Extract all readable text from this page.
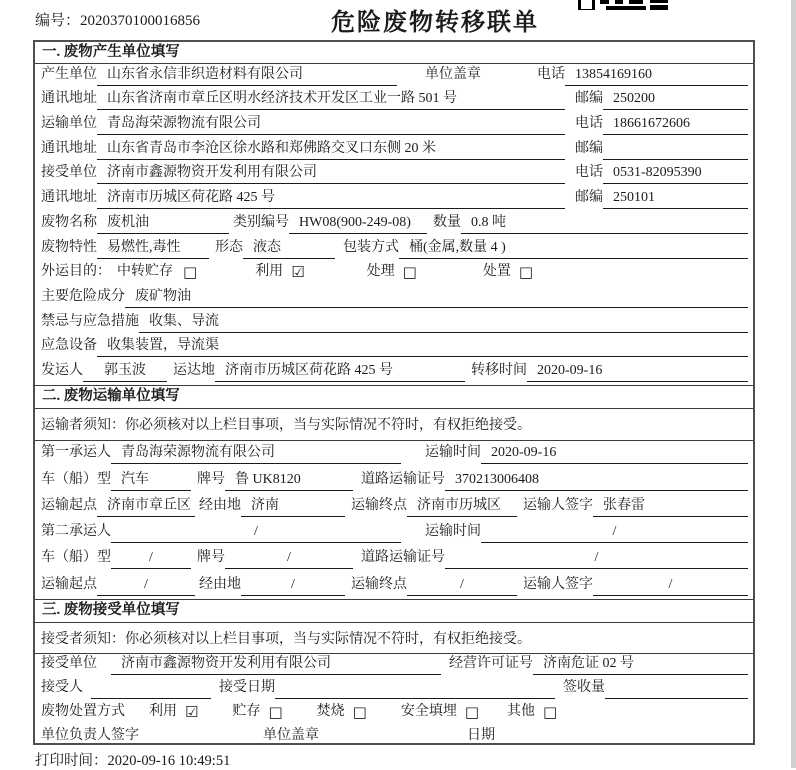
编号：2020370100016856	危险废物转移联单
一. 废物产生单位填写
产生单位 山东省永信非织造材料有限公司	单位盖章	电话 13854169160
通讯地址 山东省济南市章丘区明水经济技术开发区工业一路 501 号	邮编 250200
运输单位 青岛海荣源物流有限公司	电话 18661672606
通讯地址 山东省青岛市李沧区徐水路和郑佛路交叉口东侧 20 米	邮编
接受单位 济南市鑫源物资开发利用有限公司	电话 0531-82095390
通讯地址 济南市历城区荷花路 425 号	邮编 250101
废物名称 废机油	类别编号 HW08(900-249-08)	数量 0.8 吨
废物特性 易燃性,毒性	形态 液态	包装方式 桶(金属,数量 4 )
外运目的： 中转贮存 □	利用 ☑	处理 □	处置 □
主要危险成分 废矿物油
禁忌与应急措施 收集、导流
应急设备 收集装置，导流渠
发运人	郭玉波	运达地 济南市历城区荷花路 425 号	转移时间 2020-09-16
二. 废物运输单位填写
运输者须知：你必须核对以上栏目事项，当与实际情况不符时，有权拒绝接受。
第一承运人 青岛海荣源物流有限公司	运输时间 2020-09-16
车（船）型 汽车	牌号 鲁 UK8120	道路运输证号 370213006408
运输起点 济南市章丘区 经由地 济南	运输终点 济南市历城区	运输人签字 张春雷
第二承运人	/	运输时间	/
车（船）型	/	牌号	/	道路运输证号	/
运输起点	/	经由地	/	运输终点	/	运输人签字	/
三. 废物接受单位填写
接受者须知：你必须核对以上栏目事项，当与实际情况不符时，有权拒绝接受。
接受单位	济南市鑫源物资开发利用有限公司	经营许可证号 济南危证 02 号
接受人	接受日期	签收量
废物处置方式 利用 ☑ 贮存 □ 焚烧 □ 安全填埋 □ 其他 □
单位负责人签字	单位盖章	日期
打印时间：2020-09-16 10:49:51
